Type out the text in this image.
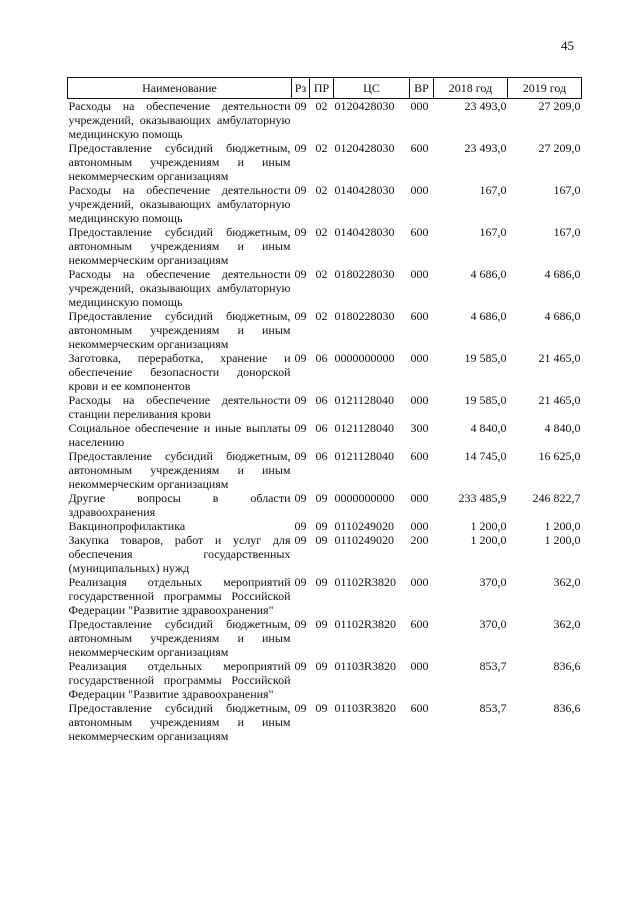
45
Наименование	Рз	ПР	ЦС	ВР	2018 год	2019 год
Расходы на обеспечение деятельности учреждений, оказывающих амбулаторную медицинскую помощь	09	02	0120428030	000	23 493,0	27 209,0
Предоставление субсидий бюджетным, автономным учреждениям и иным некоммерческим организациям	09	02	0120428030	600	23 493,0	27 209,0
Расходы на обеспечение деятельности учреждений, оказывающих амбулаторную медицинскую помощь	09	02	0140428030	000	167,0	167,0
Предоставление субсидий бюджетным, автономным учреждениям и иным некоммерческим организациям	09	02	0140428030	600	167,0	167,0
Расходы на обеспечение деятельности учреждений, оказывающих амбулаторную медицинскую помощь	09	02	0180228030	000	4 686,0	4 686,0
Предоставление субсидий бюджетным, автономным учреждениям и иным некоммерческим организациям	09	02	0180228030	600	4 686,0	4 686,0
Заготовка, переработка, хранение и обеспечение безопасности донорской крови и ее компонентов	09	06	0000000000	000	19 585,0	21 465,0
Расходы на обеспечение деятельности станции переливания крови	09	06	0121128040	000	19 585,0	21 465,0
Социальное обеспечение и иные выплаты населению	09	06	0121128040	300	4 840,0	4 840,0
Предоставление субсидий бюджетным, автономным учреждениям и иным некоммерческим организациям	09	06	0121128040	600	14 745,0	16 625,0
Другие вопросы в области здравоохранения	09	09	0000000000	000	233 485,9	246 822,7
Вакцинопрофилактика	09	09	0110249020	000	1 200,0	1 200,0
Закупка товаров, работ и услуг для обеспечения государственных (муниципальных) нужд	09	09	0110249020	200	1 200,0	1 200,0
Реализация отдельных мероприятий государственной программы Российской Федерации "Развитие здравоохранения"	09	09	01102R3820	000	370,0	362,0
Предоставление субсидий бюджетным, автономным учреждениям и иным некоммерческим организациям	09	09	01102R3820	600	370,0	362,0
Реализация отдельных мероприятий государственной программы Российской Федерации "Развитие здравоохранения"	09	09	01103R3820	000	853,7	836,6
Предоставление субсидий бюджетным, автономным учреждениям и иным некоммерческим организациям	09	09	01103R3820	600	853,7	836,6
